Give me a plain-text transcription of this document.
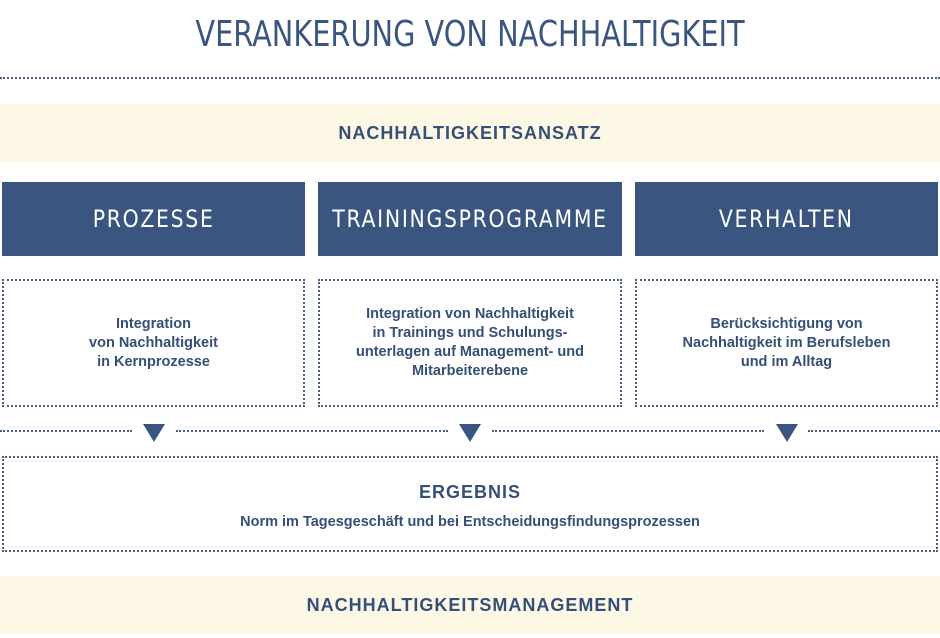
VERANKERUNG VON NACHHALTIGKEIT
NACHHALTIGKEITSANSATZ
PROZESSE	TRAININGSPROGRAMME	VERHALTEN
Integration
von Nachhaltigkeit
in Kernprozesse
Integration von Nachhaltigkeit
in Trainings und Schulungs-
unterlagen auf Management- und
Mitarbeiterebene
Berücksichtigung von
Nachhaltigkeit im Berufsleben
und im Alltag
ERGEBNIS
Norm im Tagesgeschäft und bei Entscheidungsfindungsprozessen
NACHHALTIGKEITSMANAGEMENT
